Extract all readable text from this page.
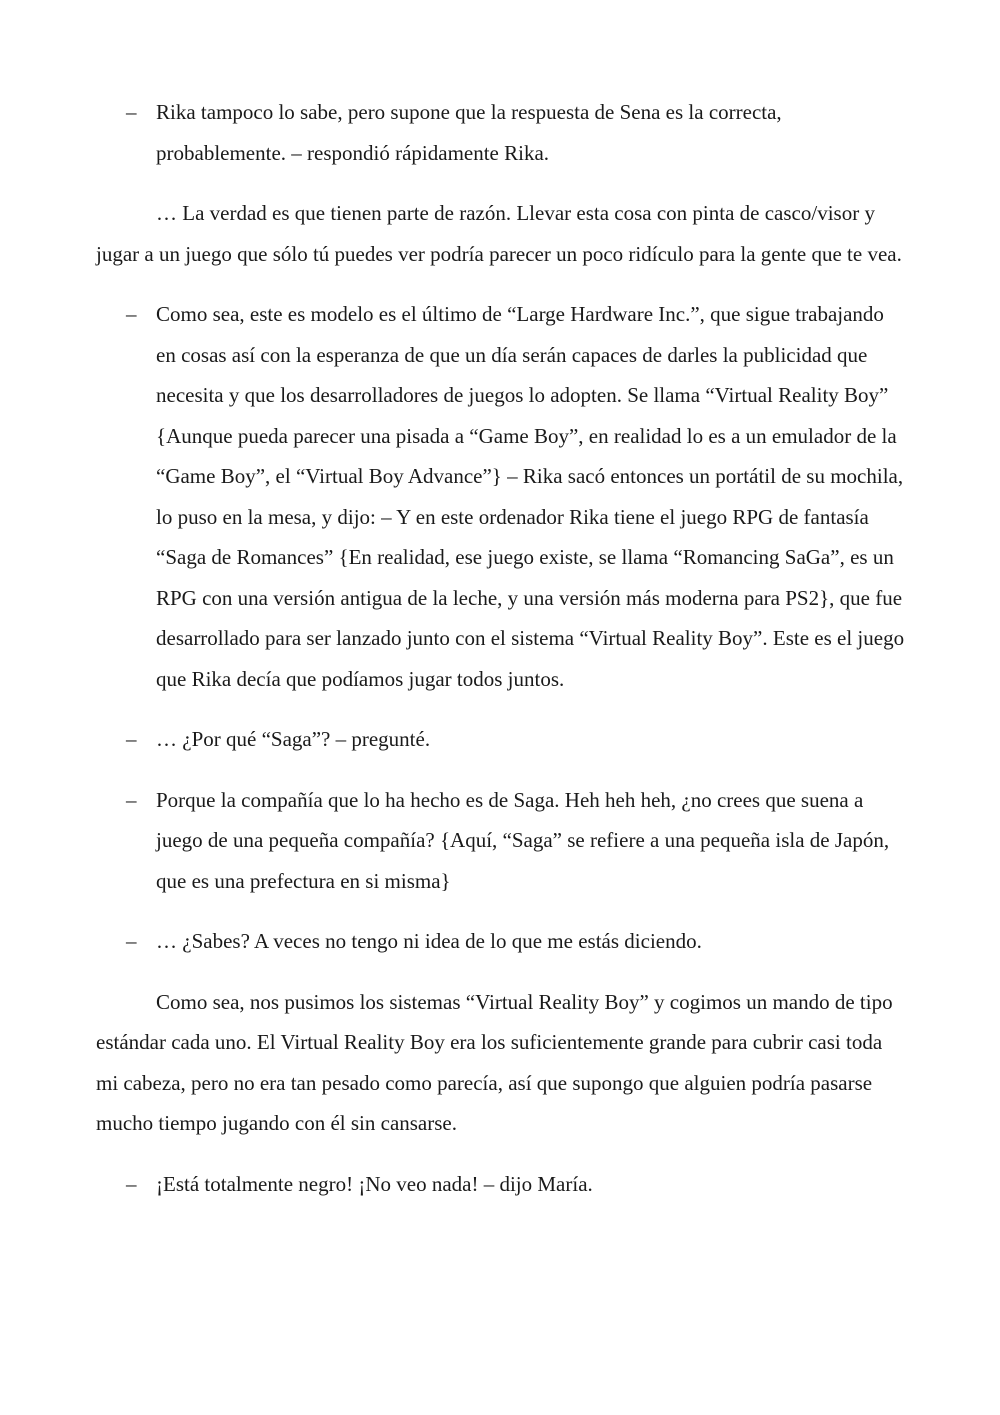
– Rika tampoco lo sabe, pero supone que la respuesta de Sena es la correcta, probablemente. – respondió rápidamente Rika.

… La verdad es que tienen parte de razón. Llevar esta cosa con pinta de casco/visor y jugar a un juego que sólo tú puedes ver podría parecer un poco ridículo para la gente que te vea.

– Como sea, este es modelo es el último de “Large Hardware Inc.”, que sigue trabajando en cosas así con la esperanza de que un día serán capaces de darles la publicidad que necesita y que los desarrolladores de juegos lo adopten. Se llama “Virtual Reality Boy” {Aunque pueda parecer una pisada a “Game Boy”, en realidad lo es a un emulador de la “Game Boy”, el “Virtual Boy Advance”} – Rika sacó entonces un portátil de su mochila, lo puso en la mesa, y dijo: – Y en este ordenador Rika tiene el juego RPG de fantasía “Saga de Romances” {En realidad, ese juego existe, se llama “Romancing SaGa”, es un RPG con una versión antigua de la leche, y una versión más moderna para PS2}, que fue desarrollado para ser lanzado junto con el sistema “Virtual Reality Boy”. Este es el juego que Rika decía que podíamos jugar todos juntos.

– … ¿Por qué “Saga”? – pregunté.

– Porque la compañía que lo ha hecho es de Saga. Heh heh heh, ¿no crees que suena a juego de una pequeña compañía? {Aquí, “Saga” se refiere a una pequeña isla de Japón, que es una prefectura en si misma}

– … ¿Sabes? A veces no tengo ni idea de lo que me estás diciendo.

Como sea, nos pusimos los sistemas “Virtual Reality Boy” y cogimos un mando de tipo estándar cada uno. El Virtual Reality Boy era los suficientemente grande para cubrir casi toda mi cabeza, pero no era tan pesado como parecía, así que supongo que alguien podría pasarse mucho tiempo jugando con él sin cansarse.

– ¡Está totalmente negro! ¡No veo nada! – dijo María.
